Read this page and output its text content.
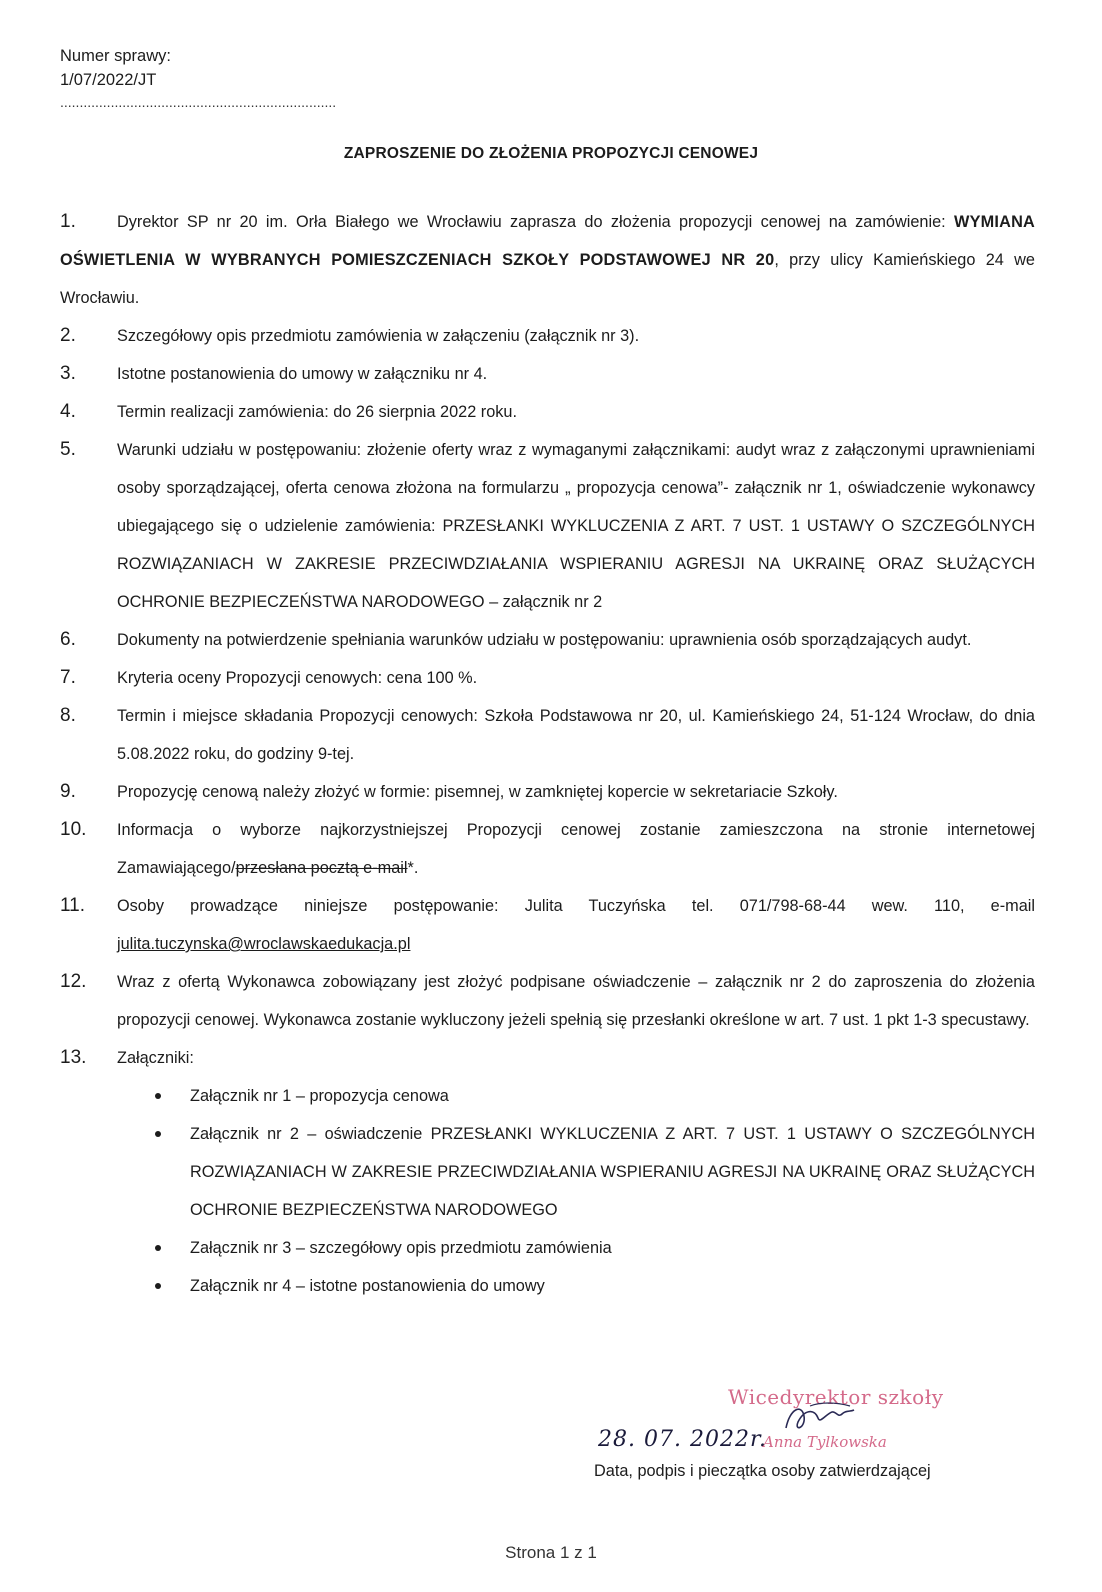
Numer sprawy:
1/07/2022/JT
.......................................................................
ZAPROSZENIE DO ZŁOŻENIA PROPOZYCJI CENOWEJ
1.	Dyrektor SP nr 20 im. Orła Białego we Wrocławiu zaprasza do złożenia propozycji cenowej na zamówienie: WYMIANA OŚWIETLENIA W WYBRANYCH POMIESZCZENIACH SZKOŁY PODSTAWOWEJ NR 20, przy ulicy Kamieńskiego 24 we Wrocławiu.
2.	Szczegółowy opis przedmiotu zamówienia w załączeniu (załącznik nr 3).
3.	Istotne postanowienia do umowy w załączniku nr 4.
4.	Termin realizacji zamówienia: do 26 sierpnia 2022 roku.
5.	Warunki udziału w postępowaniu: złożenie oferty wraz z wymaganymi załącznikami: audyt wraz z załączonymi uprawnieniami osoby sporządzającej, oferta cenowa złożona na formularzu „ propozycja cenowa”- załącznik nr 1, oświadczenie wykonawcy ubiegającego się o udzielenie zamówienia: PRZESŁANKI WYKLUCZENIA Z ART. 7 UST. 1 USTAWY O SZCZEGÓLNYCH ROZWIĄZANIACH W ZAKRESIE PRZECIWDZIAŁANIA WSPIERANIU AGRESJI NA UKRAINĘ ORAZ SŁUŻĄCYCH OCHRONIE BEZPIECZEŃSTWA NARODOWEGO – załącznik nr 2
6.	Dokumenty na potwierdzenie spełniania warunków udziału w postępowaniu: uprawnienia osób sporządzających audyt.
7.	Kryteria oceny Propozycji cenowych: cena 100 %.
8.	Termin i miejsce składania Propozycji cenowych: Szkoła Podstawowa nr 20, ul. Kamieńskiego 24, 51-124 Wrocław, do dnia 5.08.2022 roku, do godziny 9-tej.
9.	Propozycję cenową należy złożyć w formie: pisemnej, w zamkniętej kopercie w sekretariacie Szkoły.
10.	Informacja o wyborze najkorzystniejszej Propozycji cenowej zostanie zamieszczona na stronie internetowej Zamawiającego/przesłana pocztą e-mail*.
11.	Osoby prowadzące niniejsze postępowanie: Julita Tuczyńska tel. 071/798-68-44 wew. 110, e-mail julita.tuczynska@wroclawskaedukacja.pl
12.	Wraz z ofertą Wykonawca zobowiązany jest złożyć podpisane oświadczenie – załącznik nr 2 do zaproszenia do złożenia propozycji cenowej. Wykonawca zostanie wykluczony jeżeli spełnią się przesłanki określone w art. 7 ust. 1 pkt 1-3 specustawy.
13.	Załączniki:
Załącznik nr 1 – propozycja cenowa
Załącznik nr 2 – oświadczenie PRZESŁANKI WYKLUCZENIA Z ART. 7 UST. 1 USTAWY O SZCZEGÓLNYCH ROZWIĄZANIACH W ZAKRESIE PRZECIWDZIAŁANIA WSPIERANIU AGRESJI NA UKRAINĘ ORAZ SŁUŻĄCYCH OCHRONIE BEZPIECZEŃSTWA NARODOWEGO
Załącznik nr 3 – szczegółowy opis przedmiotu zamówienia
Załącznik nr 4 – istotne postanowienia do umowy
Wicedyrektor szkoły
28. 07. 2022r.
Anna Tylkowska
Data, podpis i pieczątka osoby zatwierdzającej
Strona 1 z 1
